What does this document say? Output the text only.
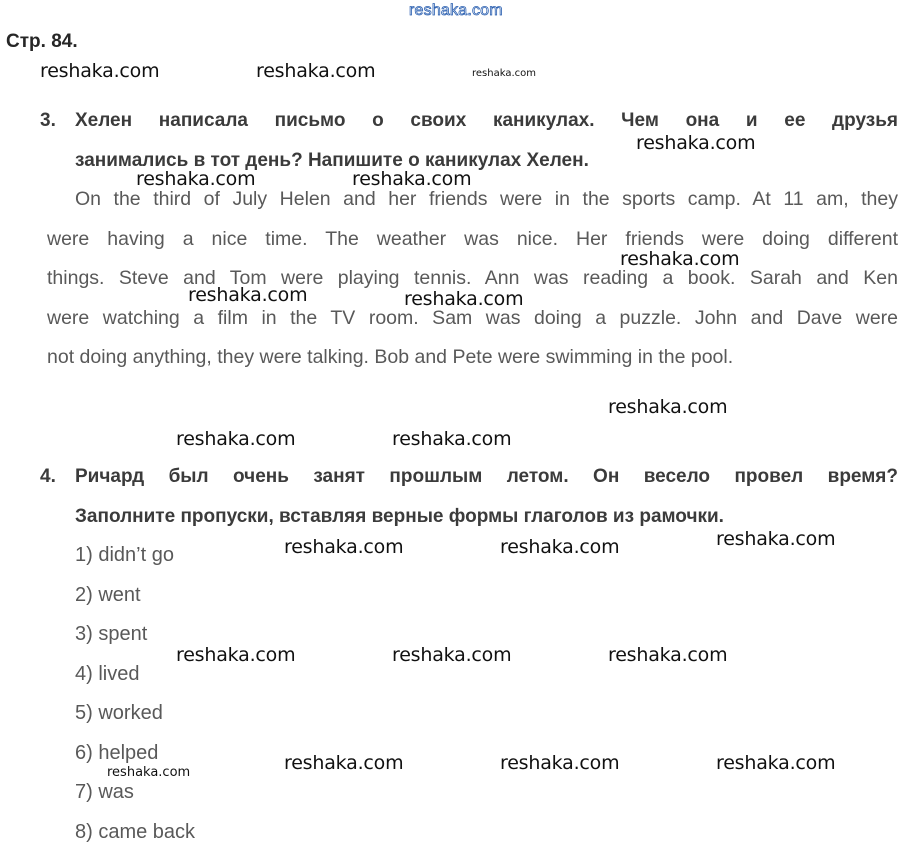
reshaka.com
Стр. 84.
reshaka.com	reshaka.com	reshaka.com
3. Хелен написала письмо о своих каникулах. Чем она и ее друзья
занимались в тот день? Напишите о каникулах Хелен.
reshaka.com
reshaka.com	reshaka.com
On the third of July Helen and her friends were in the sports camp. At 11 am, they
were having a nice time. The weather was nice. Her friends were doing different
things. Steve and Tom were playing tennis. Ann was reading a book. Sarah and Ken
were watching a film in the TV room. Sam was doing a puzzle. John and Dave were
not doing anything, they were talking. Bob and Pete were swimming in the pool.
reshaka.com
reshaka.com	reshaka.com
reshaka.com
reshaka.com	reshaka.com
4. Ричард был очень занят прошлым летом. Он весело провел время?
Заполните пропуски, вставляя верные формы глаголов из рамочки.
1) didn’t go
2) went
3) spent
4) lived
5) worked
6) helped
7) was
8) came back
reshaka.com
reshaka.com	reshaka.com
reshaka.com	reshaka.com	reshaka.com
reshaka.com	reshaka.com	reshaka.com	reshaka.com
